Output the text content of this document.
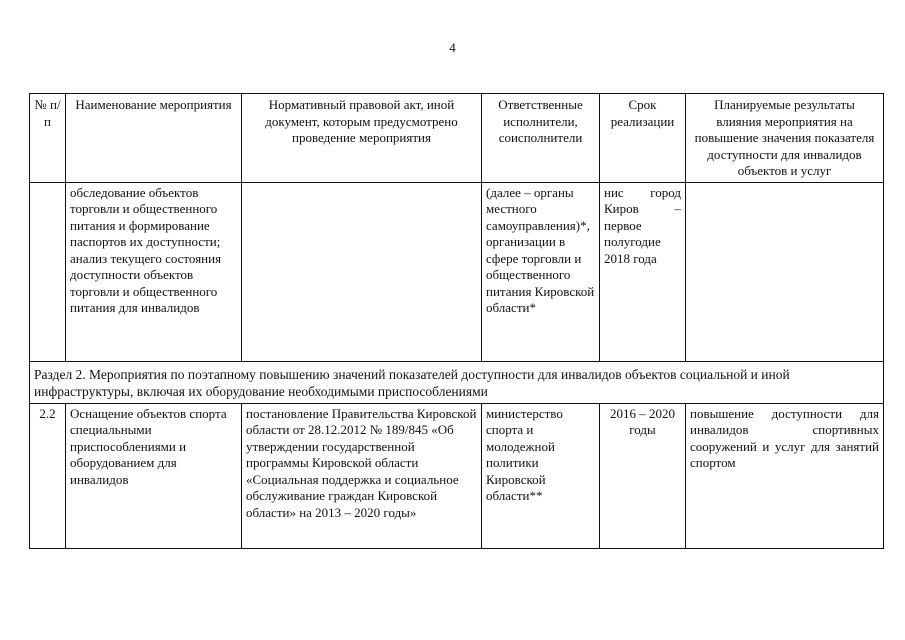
4
№ п/п	Наименование мероприятия	Нормативный правовой акт, иной документ, которым предусмотрено проведение мероприятия	Ответственные исполнители, соисполнители	Срок реализации	Планируемые результаты влияния мероприятия на повышение значения показателя доступности для инвалидов объектов и услуг
	обследование объектов торговли и общественного питания и формирование паспортов их доступности; анализ текущего состояния доступности объектов торговли и общественного питания для инвалидов		(далее – органы местного самоуправления)*, организации в сфере торговли и общественного питания Кировской области*	нис город Киров – первое полугодие 2018 года	
Раздел 2. Мероприятия по поэтапному повышению значений показателей доступности для инвалидов объектов социальной и иной инфраструктуры, включая их оборудование необходимыми приспособлениями					
2.2	Оснащение объектов спорта специальными приспособлениями и оборудованием для инвалидов	постановление Правительства Кировской области от 28.12.2012 № 189/845 «Об утверждении государственной программы Кировской области «Социальная поддержка и социальное обслуживание граждан Кировской области» на 2013 – 2020 годы»	министерство спорта и молодежной политики Кировской области**	2016 – 2020 годы	повышение доступности для инвалидов спортивных сооружений и услуг для занятий спортом
